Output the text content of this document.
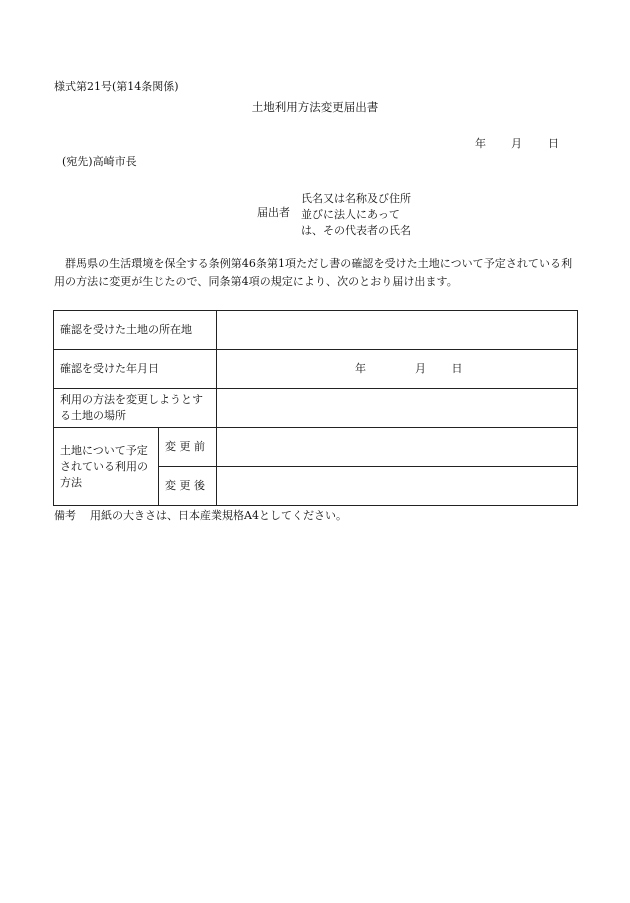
様式第21号(第14条関係)
土地利用方法変更届出書
年 月 日
(宛先)高崎市長
届出者
氏名又は名称及び住所
並びに法人にあって
は、その代表者の氏名
群馬県の生活環境を保全する条例第46条第1項ただし書の確認を受けた土地について予定されている利用の方法に変更が生じたので、同条第4項の規定により、次のとおり届け出ます。
確認を受けた土地の所在地		
確認を受けた年月日		年 月 日
利用の方法を変更しようとする土地の場所		
土地について予定されている利用の方法	変 更 前	
	変 更 後	
備考 用紙の大きさは、日本産業規格A4としてください。
